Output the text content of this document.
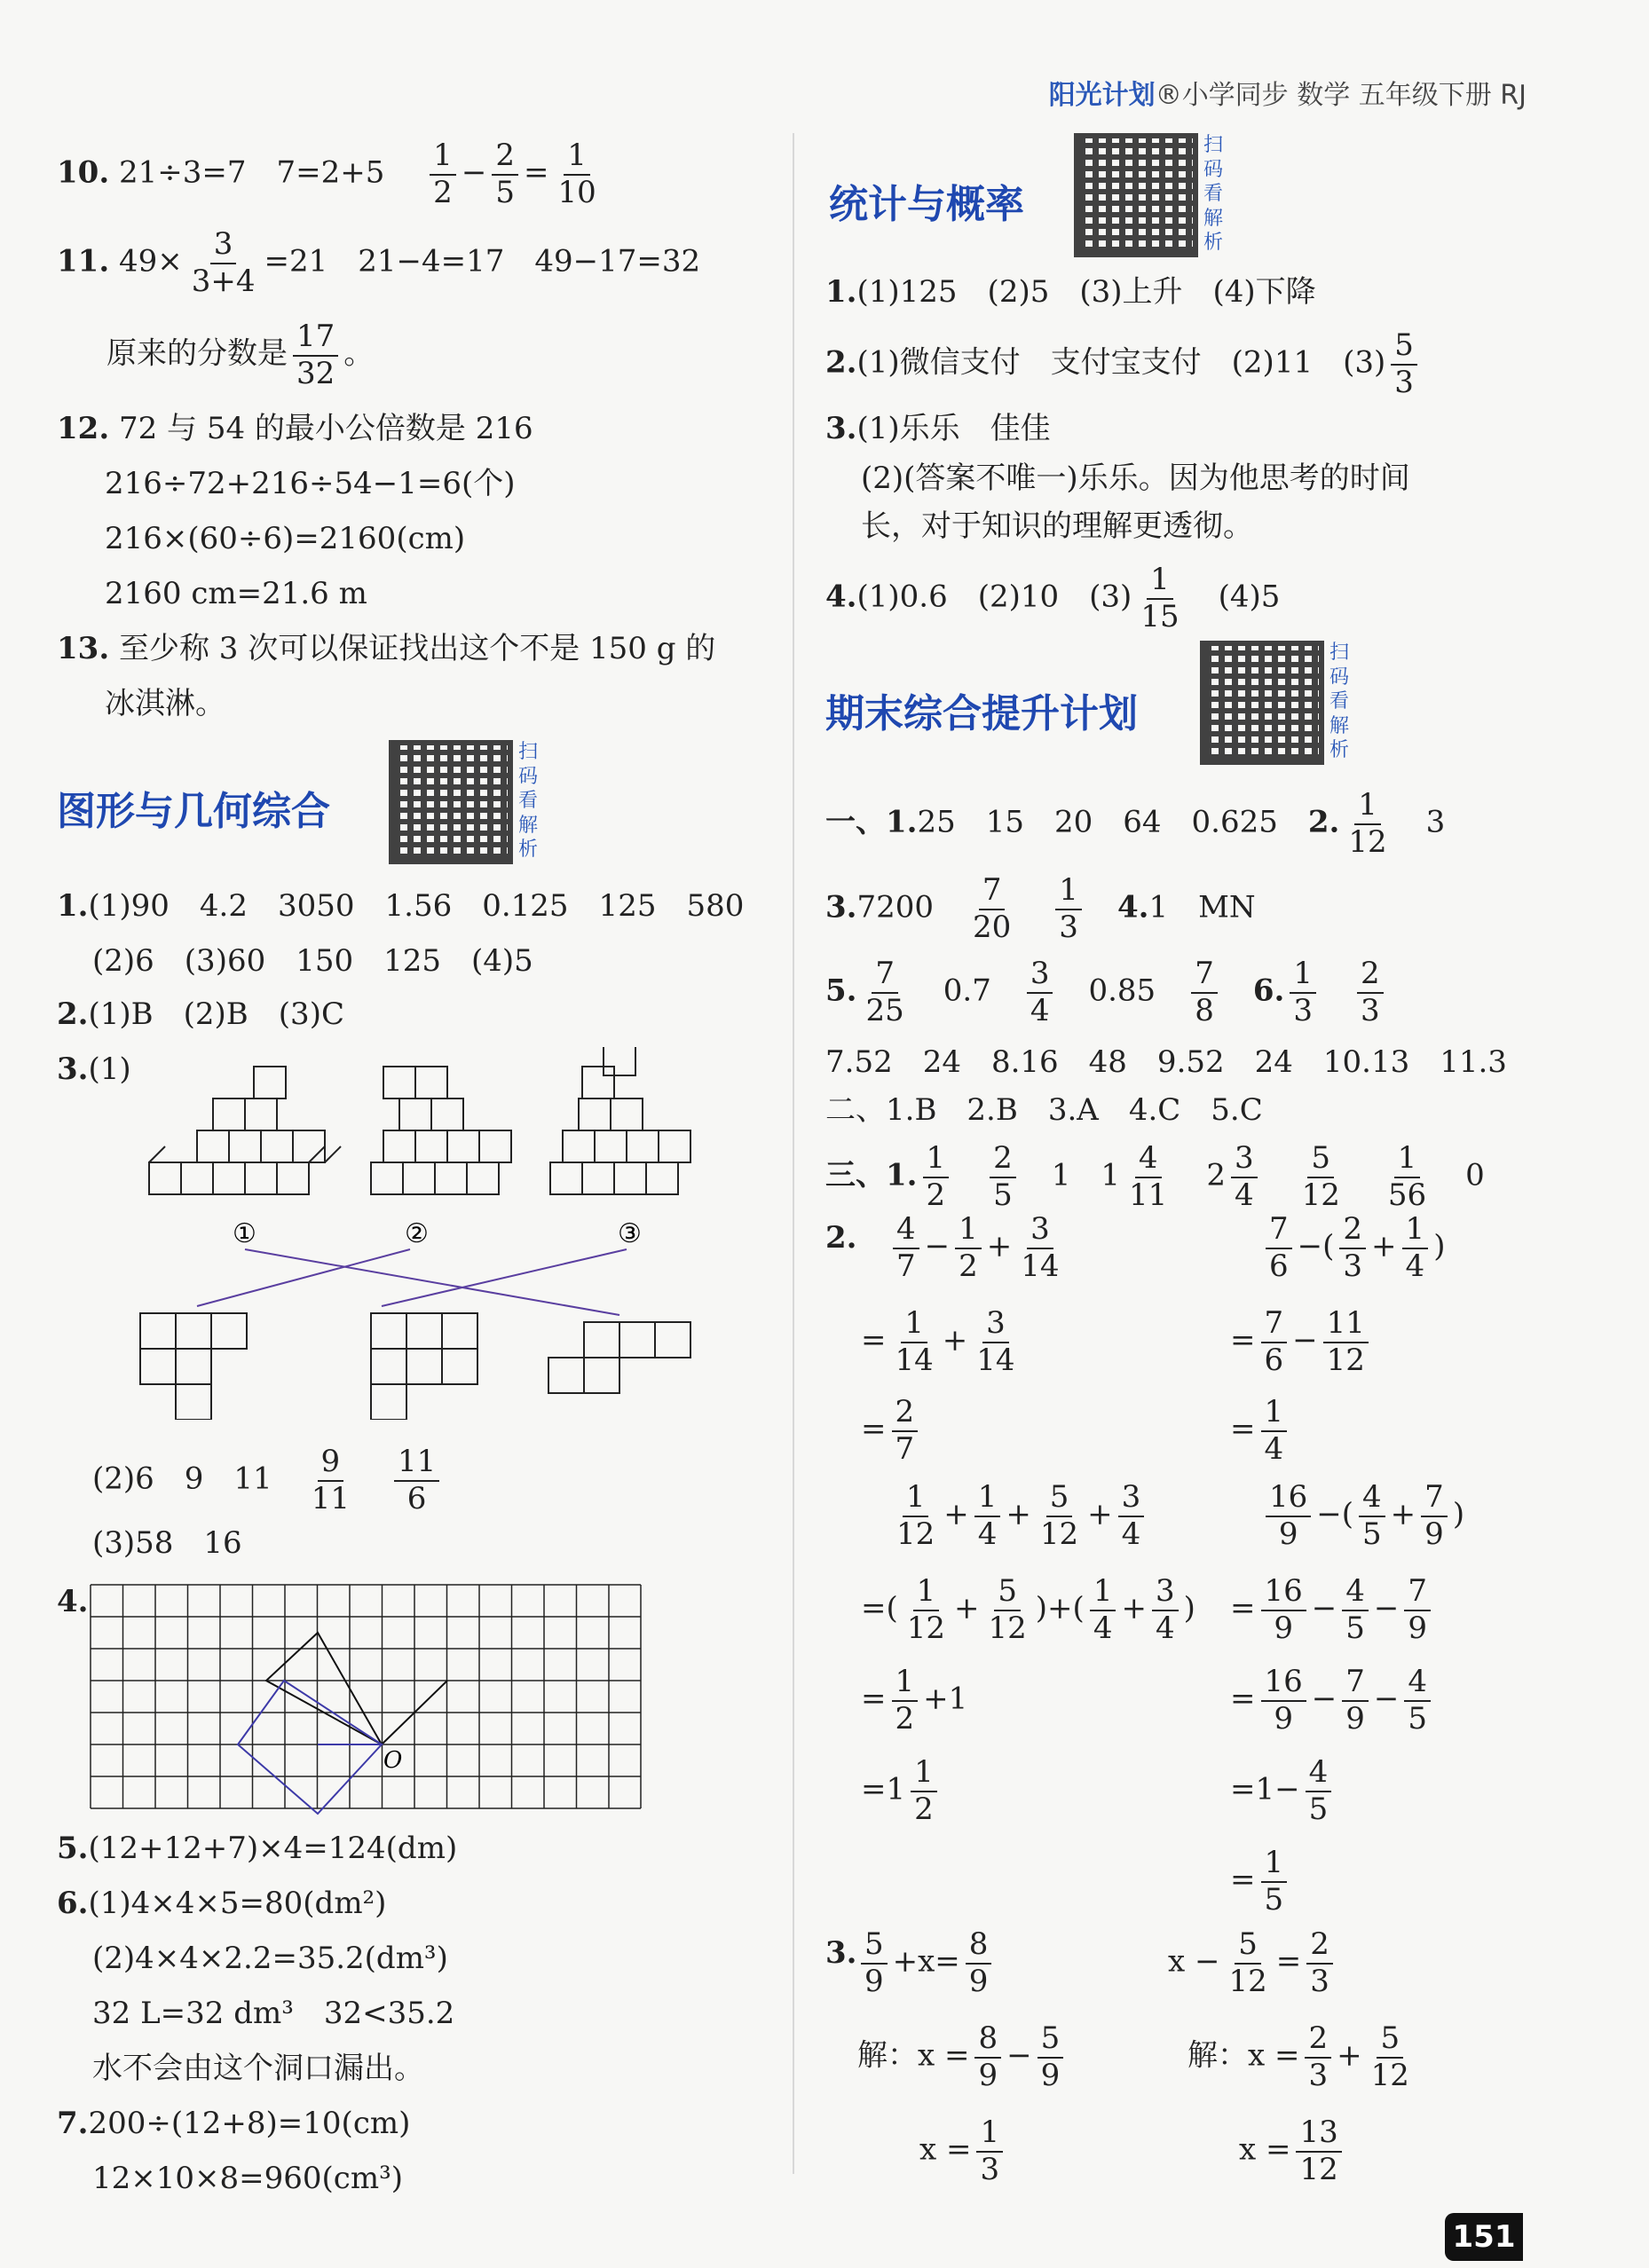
阳光计划®小学同步 数学 五年级下册 RJ
10. 21÷3=7　7=2+5　 $\frac{1}{2} - \frac{2}{5} = \frac{1}{10}$
11. $49\times \frac{3}{3+4} =21$　21−4=17　49−17=32
原来的分数是 $\frac{17}{32}$ 。
12. 72 与 54 的最小公倍数是 216
216÷72+216÷54−1=6(个)
216×(60÷6)=2160(cm)
2160 cm=21.6 m
13. 至少称 3 次可以保证找出这个不是 150 g 的
冰淇淋。
图形与几何综合
扫
码
看
解
析
1.(1)90　4.2　3050　1.56　0.125　125　580
(2)6　(3)60　150　125　(4)5
2.(1)B　(2)B　(3)C
3.(1)
①	②	③
(2)6　9　11　 $\frac{9}{11}$
　 $\frac{11}{6}$
(3)58　16
4.
O
5.(12+12+7)×4=124(dm)
6.(1)4×4×5=80(dm²)
(2)4×4×2.2=35.2(dm³)
32 L=32 dm³　32<35.2
水不会由这个洞口漏出。
7.200÷(12+8)=10(cm)
12×10×8=960(cm³)
统计与概率
扫
码
看
解
析
1.(1)125　(2)5　(3)上升　(4)下降
2.(1)微信支付　支付宝支付　(2)11　$(3) \frac{5}{3}$
3.(1)乐乐　佳佳
(2)(答案不唯一)乐乐。因为他思考的时间
长，对于知识的理解更透彻。
4.(1)0.6　(2)10　$(3) \frac{1}{15}$
　 (4)5
期末综合提升计划
扫
码
看
解
析
一、1.25　15　20　64　0.625　 2. $\frac{1}{12}$
　 3
3.7200　 $\frac{7}{20}$
　 $\frac{1}{3}$
　 4.1　MN
5. $\frac{7}{25}$
　 0.7　 $\frac{3}{4}$
　 0.85　 $\frac{7}{8}$
　 6. $\frac{1}{3}$
　 $\frac{2}{3}$
7.52　24　8.16　48　9.52　24　10.13　11.3
二、1.B　2.B　3.A　4.C　5.C
三、1. $\frac{1}{2}$
　 $\frac{2}{5}$
　 1　$1 \frac{4}{11}$
　 $2 \frac{3}{4}$
　 $\frac{5}{12}$
　 $\frac{1}{56}$
　 0
2. $\frac{4}{7} - \frac{1}{2} + \frac{3}{14}$
= $\frac{1}{14} + \frac{3}{14}$
= $\frac{2}{7}$
$\frac{7}{6}$ −( $\frac{2}{3} + \frac{1}{4}$ )
= $\frac{7}{6} - \frac{11}{12}$
= $\frac{1}{4}$
$\frac{1}{12} + \frac{1}{4} + \frac{5}{12} + \frac{3}{4}$
=( $\frac{1}{12} + \frac{5}{12}$ )+( $\frac{1}{4} + \frac{3}{4}$ )
= $\frac{1}{2} +1$
$=1 \frac{1}{2}$
$\frac{16}{9}$ −( $\frac{4}{5} + \frac{7}{9}$ )
= $\frac{16}{9} - \frac{4}{5} - \frac{7}{9}$
= $\frac{16}{9} - \frac{7}{9} - \frac{4}{5}$
$=1- \frac{4}{5}$
= $\frac{1}{5}$
3. $\frac{5}{9} +x= \frac{8}{9}$
解：$x = \frac{8}{9} - \frac{5}{9}$
$x = \frac{1}{3}$
$x - \frac{5}{12} = \frac{2}{3}$
解：$x = \frac{2}{3} + \frac{5}{12}$
$x = \frac{13}{12}$
151
